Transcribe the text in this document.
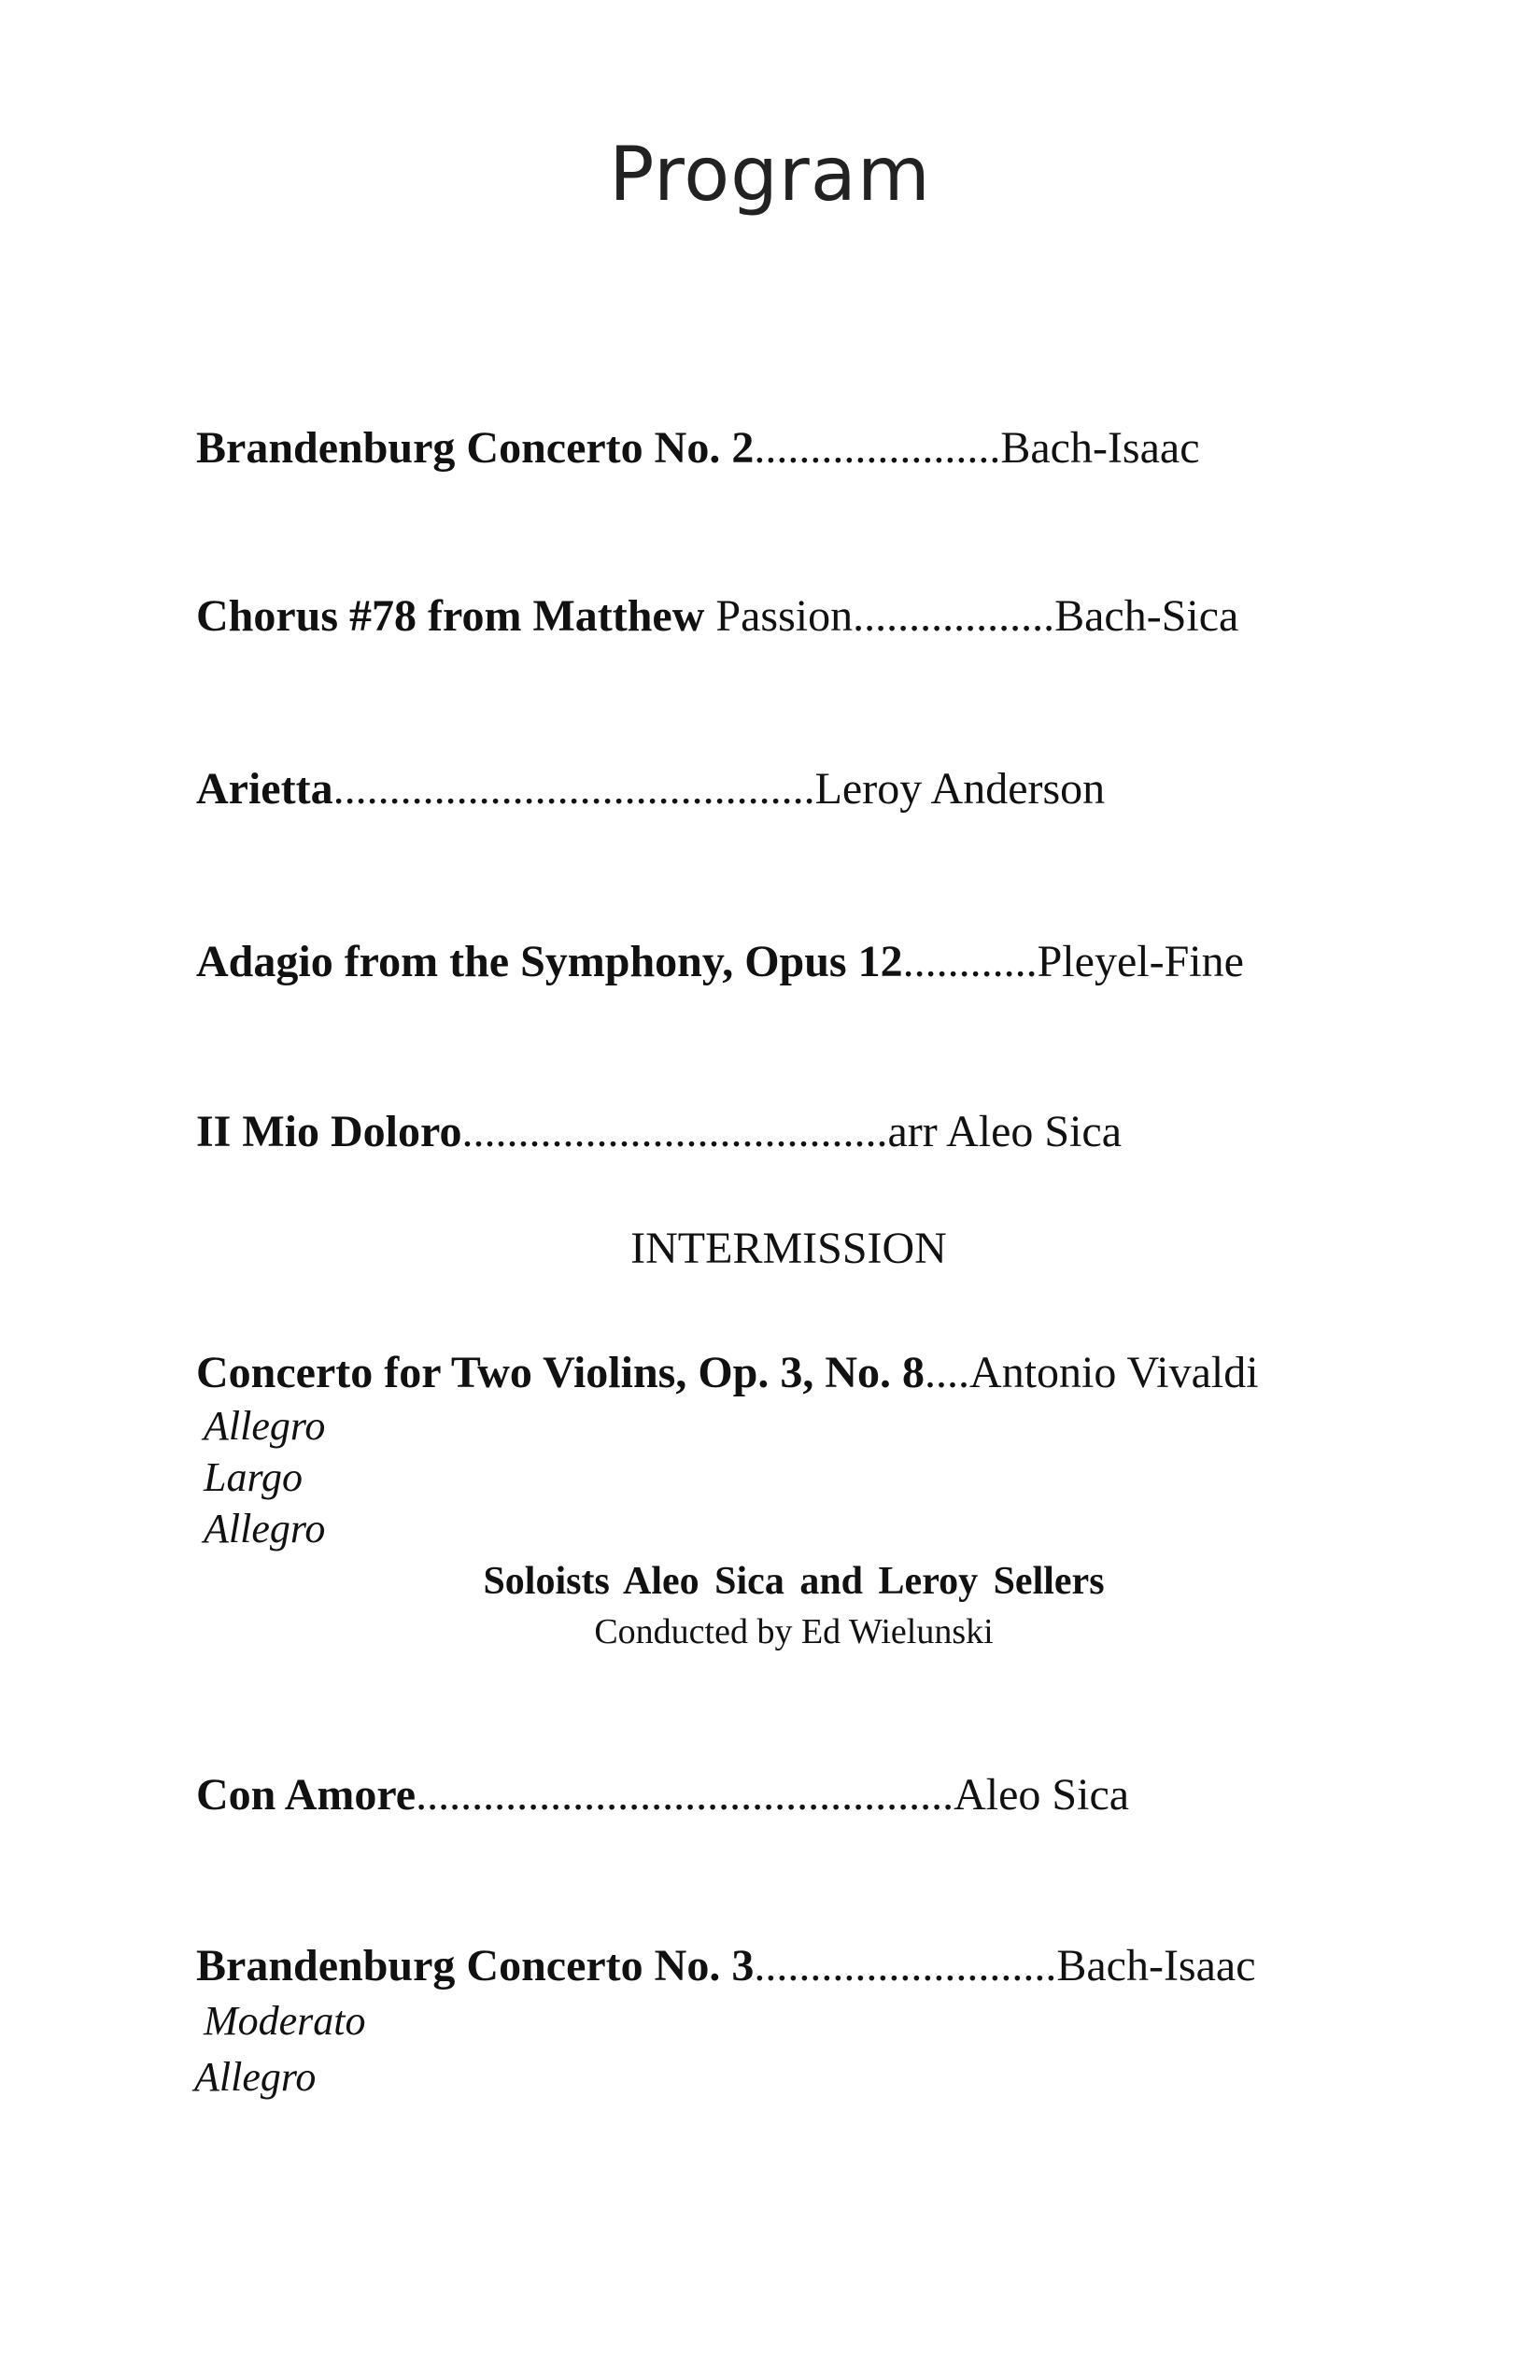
Program
Brandenburg Concerto No. 2......................Bach-Isaac
Chorus #78 from Matthew Passion..................Bach-Sica
Arietta...........................................Leroy Anderson
Adagio from the Symphony, Opus 12............Pleyel-Fine
II Mio Doloro......................................arr Aleo Sica
INTERMISSION
Concerto for Two Violins, Op. 3, No. 8....Antonio Vivaldi
Allegro
Largo
Allegro
Soloists Aleo Sica and Leroy Sellers
Conducted by Ed Wielunski
Con Amore................................................Aleo Sica
Brandenburg Concerto No. 3...........................Bach-Isaac
Moderato
Allegro
